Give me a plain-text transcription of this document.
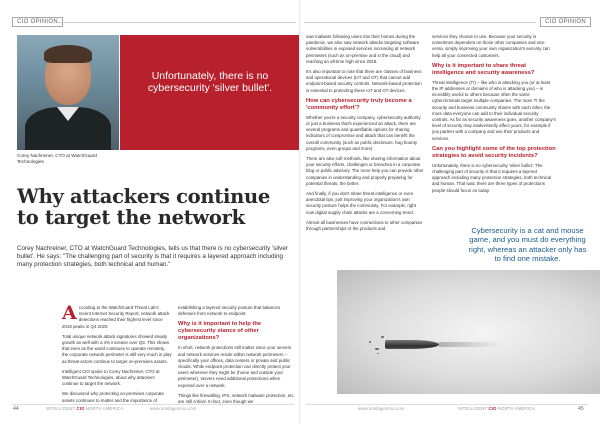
CIO OPINION	CIO OPINION
Unfortunately, there is no cybersecurity 'silver bullet'.
Corey Nachreiner, CTO at WatchGuard Technologies
Why attackers continue to target the network

Corey Nachreiner, CTO at WatchGuard Technologies, tells us that there is no cybersecurity 'silver bullet'. He says: "The challenging part of security is that it requires a layered approach including many protection strategies, both technical and human."

According to the WatchGuard Threat Lab's recent Internet Security Report, network attack detections reached their highest level since 2018 peaks in Q4 2020.

Total unique network attack signatures showed steady growth as well with a 4% increase over Q3. This shows that even as the world continues to operate remotely, the corporate network perimeter is still very much in play as threat actors continue to target on-premises assets.

Intelligent CIO spoke to Corey Nachreiner, CTO at WatchGuard Technologies, about why attackers continue to target the network.

We discussed why protecting on-premises corporate assets continues to matter and the importance of

establishing a layered security posture that balances defenses from network to endpoint.

Why is it important to help the cybersecurity stance of other organizations?

In short, network protections still matter since your servers and network services reside within network perimeters – specifically your offices, data centers or private and public clouds. While endpoint protection can directly protect your users wherever they might be (home and outside your perimeter), servers need additional protections when exposed over a network.

Things like firewalling, IPS, network malware protection, etc are still critical. In fact, even though we

saw malware following users into their homes during the pandemic, we also saw network attacks targeting software vulnerabilities in exposed services increasing at network perimeters (such as on-premise and in the cloud) and reaching an all-time high since 2018.

It's also important to note that there are classes of business and operational devices (IoT and OT) that cannot add endpoint-based security controls. Network-based protection is essential to protecting these IoT and OT devices.

How can cybersecurity truly become a 'community effort'?

Whether you're a security company, cybersecurity authority or just a business that's experienced an attack, there are several programs and quantifiable options for sharing indicators of compromise and attack that can benefit the overall community (such as public disclosure, bug bounty programs, even groups and more).

There are also soft methods, like sharing information about your security efforts, challenges or breaches in a corporate blog or public advisory. The more help you can provide other companies in understanding and properly preparing for potential threats, the better.

And finally, if you don't share threat intelligence or even anecdotal tips, just improving your organization's own security posture helps the community. For example, right now digital supply chain attacks are a concerning trend.

Almost all businesses have connections to other companies through partnerships or the products and

services they choose to use. Because your security is sometimes dependent on those other companies and vice versa, simply improving your own organization's security can help all your connected customers.

Why is it important to share threat intelligence and security awareness?

Threat intelligence (TI) – like who is attacking you (or at least the IP addresses or domains of who is attacking you) – is incredibly useful to others because often the same cybercriminals target multiple companies. The more TI the security and business community shares with each other, the more data everyone can add to their individual security controls. As far as security awareness goes, another company's level of security may inadvertently affect yours, for example if you partner with a company and use their products and services.

Can you highlight some of the top protection strategies to avoid security incidents?

Unfortunately, there is no cybersecurity 'silver bullet'. The challenging part of security is that it requires a layered approach including many protection strategies, both technical and human. That said, there are three types of protections people should focus on today.

Cybersecurity is a cat and mouse game, and you must do everything right, whereas an attacker only has to find one mistake.
44	INTELLIGENT CIO NORTH AMERICA	www.intelligentcio.com	www.intelligentcio.com	INTELLIGENT CIO NORTH AMERICA	45
